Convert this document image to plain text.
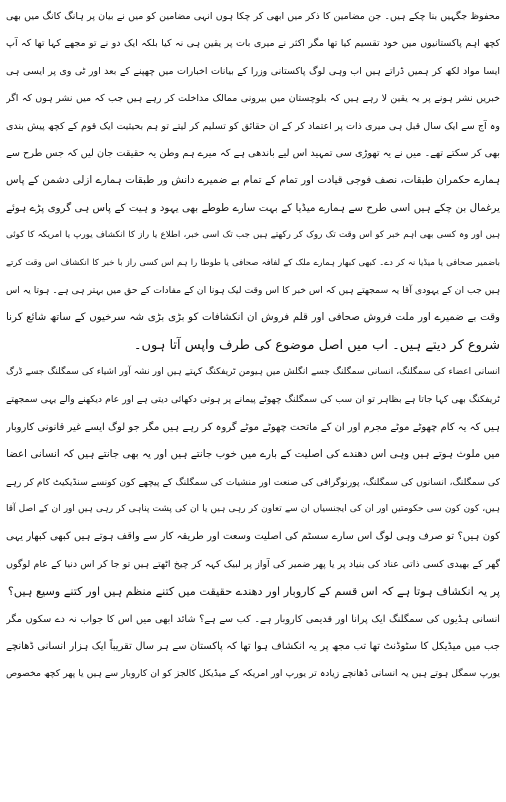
محفوظ جگہیں بنا چکے ہیں۔ جن مضامین کا ذکر میں ابھی کر چکا ہوں انہی مضامین کو میں نے بیان پر ہانگ کانگ میں بھی
کچھ اہم پاکستانیوں میں خود تقسیم کیا تھا مگر اکثر نے میری بات پر یقین ہی نہ کیا بلکہ ایک دو نے تو مجھے کہا تھا کہ آپ
ایسا مواد لکھ کر ہمیں ڈراتے ہیں اب وہی لوگ پاکستانی وزرا کے بیانات اخبارات میں چھپنے کے بعد اور ٹی وی پر ایسی ہی
خبریں نشر ہونے پر یہ یقین لا رہے ہیں کہ بلوچستان میں بیرونی ممالک مداخلت کر رہے ہیں جب کہ میں نشر ہوں کہ اگر
وہ آج سے ایک سال قبل ہی میری ذات پر اعتماد کر کے ان حقائق کو تسلیم کر لیتے تو ہم بحیثیت ایک قوم کے کچھ پیش بندی
بھی کر سکتے تھے۔ میں نے یہ تھوڑی سی تمہید اس لیے باندھی ہے کہ میرے ہم وطن یہ حقیقت جان لیں کہ جس طرح سے
ہمارے حکمران طبقات، نصف فوجی قیادت اور تمام کے تمام بے ضمیرے دانش ور طبقات ہمارے ازلی دشمن کے پاس
یرغمال بن چکے ہیں اسی طرح سے ہمارے میڈیا کے بہت سارے طوطے بھی یہود و ہیت کے پاس ہی گروی پڑے ہوئے
ہیں اور وہ کسی بھی اہم خبر کو اس وقت تک روک کر رکھتے ہیں جب تک اسی خبر، اطلاع یا راز کا انکشاف یورپ یا امریکہ کا کوئی
باضمیر صحافی یا میڈیا نہ کر دے۔ کبھی کبھار ہمارے ملک کے لفافہ صحافی یا طوطا را ہم اس کسی راز با خبر کا انکشاف اس وقت کرتے
ہیں جب ان کے یہودی آقا یہ سمجھتے ہیں کہ اس خبر کا اس وقت لیک ہونا ان کے مفادات کے حق میں بہتر ہی ہے۔ ہوتا یہ اس
وقت بے ضمیرے اور ملت فروش صحافی اور قلم فروش ان انکشافات کو بڑی بڑی شہ سرخیوں کے ساتھ شائع کرنا
شروع کر دیتے ہیں۔ اب میں اصل موضوع کی طرف واپس آتا ہوں۔
انسانی اعضاء کی سمگلنگ، انسانی سمگلنگ جسے انگلش میں ہیومن ٹریفکنگ کہتے ہیں اور نشہ آور اشیاء کی سمگلنگ جسے ڈرگ
ٹریفکنگ بھی کہا جاتا ہے بظاہر تو ان سب کی سمگلنگ چھوٹے پیمانے پر ہوتی دکھائی دیتی ہے اور عام دیکھنے والے یہی سمجھتے
ہیں کہ یہ کام چھوٹے موٹے مجرم اور ان کے ماتحت چھوٹے موٹے گروہ کر رہے ہیں مگر جو لوگ ایسے غیر قانونی کاروبار
میں ملوث ہوتے ہیں وہی اس دھندے کی اصلیت کے بارے میں خوب جانتے ہیں اور یہ بھی جانتے ہیں کہ انسانی اعضا
کی سمگلنگ، انسانوں کی سمگلنگ، پورنوگرافی کی صنعت اور منشیات کی سمگلنگ کے پیچھے کون کونسے سنڈیکیٹ کام کر رہے
ہیں، کون کون سی حکومتیں اور ان کی ایجنسیاں ان سے تعاون کر رہی ہیں یا ان کی پشت پناہی کر رہی ہیں اور ان کے اصل آقا
کون ہیں؟ تو صرف وہی لوگ اس سارے سسٹم کی اصلیت وسعت اور طریقہ کار سے واقف ہوتے ہیں کبھی کبھار یہی
گھر کے بھیدی کسی ذاتی عناد کی بنیاد پر یا پھر ضمیر کی آواز پر لبیک کہہ کر چیخ اٹھتے ہیں تو جا کر اس دنیا کے عام لوگوں
پر یہ انکشاف ہوتا ہے کہ اس قسم کے کاروبار اور دھندے حقیقت میں کتنے منظم ہیں اور کتنے وسیع ہیں؟
انسانی ہڈیوں کی سمگلنگ ایک پرانا اور قدیمی کاروبار ہے۔ کب سے ہے؟ شائد ابھی میں اس کا جواب نہ دے سکوں مگر
جب میں میڈیکل کا سٹوڈنٹ تھا تب مجھ پر یہ انکشاف ہوا تھا کہ پاکستان سے ہر سال تقریباً ایک ہزار انسانی ڈھانچے
یورپ سمگل ہوتے ہیں یہ انسانی ڈھانچے زیادہ تر یورپ اور امریکہ کے میڈیکل کالجز کو ان کاروبار سے ہیں یا پھر کچھ مخصوص
